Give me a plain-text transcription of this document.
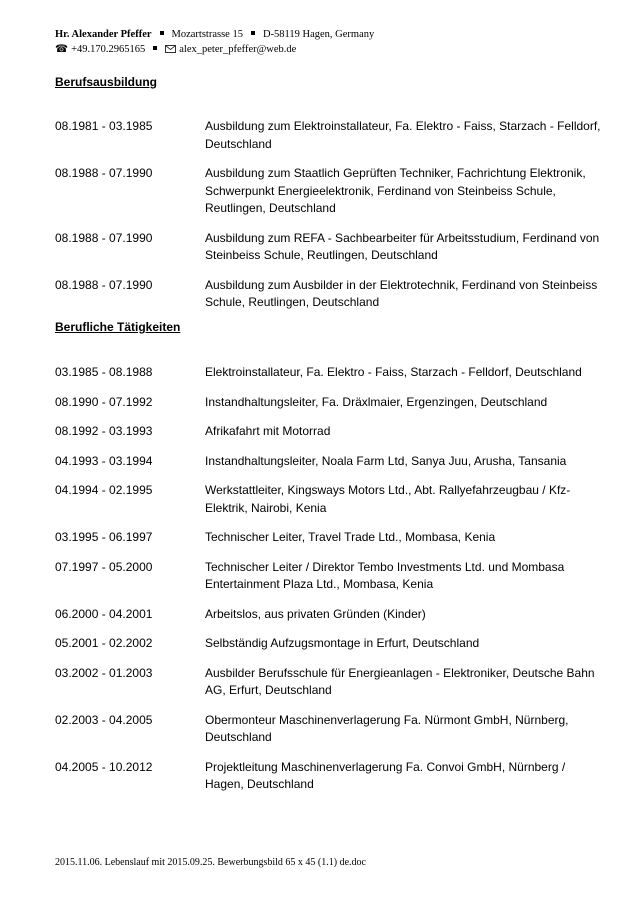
Hr. Alexander Pfeffer Mozartstrasse 15 D-58119 Hagen, Germany
☎ +49.170.2965165	alex_peter_pfeffer@web.de
Berufsausbildung
08.1981 - 03.1985	Ausbildung zum Elektroinstallateur, Fa. Elektro - Faiss, Starzach - Felldorf, Deutschland
08.1988 - 07.1990	Ausbildung zum Staatlich Geprüften Techniker, Fachrichtung Elektronik, Schwerpunkt Energieelektronik, Ferdinand von Steinbeiss Schule, Reutlingen, Deutschland
08.1988 - 07.1990	Ausbildung zum REFA - Sachbearbeiter für Arbeitsstudium, Ferdinand von Steinbeiss Schule, Reutlingen, Deutschland
08.1988 - 07.1990	Ausbildung zum Ausbilder in der Elektrotechnik, Ferdinand von Steinbeiss Schule, Reutlingen, Deutschland
Berufliche Tätigkeiten
03.1985 - 08.1988	Elektroinstallateur, Fa. Elektro - Faiss, Starzach - Felldorf, Deutschland
08.1990 - 07.1992	Instandhaltungsleiter, Fa. Dräxlmaier, Ergenzingen, Deutschland
08.1992 - 03.1993	Afrikafahrt mit Motorrad
04.1993 - 03.1994	Instandhaltungsleiter, Noala Farm Ltd, Sanya Juu, Arusha, Tansania
04.1994 - 02.1995	Werkstattleiter, Kingsways Motors Ltd., Abt. Rallyefahrzeugbau / Kfz-Elektrik, Nairobi, Kenia
03.1995 - 06.1997	Technischer Leiter, Travel Trade Ltd., Mombasa, Kenia
07.1997 - 05.2000	Technischer Leiter / Direktor Tembo Investments Ltd. und Mombasa Entertainment Plaza Ltd., Mombasa, Kenia
06.2000 - 04.2001	Arbeitslos, aus privaten Gründen (Kinder)
05.2001 - 02.2002	Selbständig Aufzugsmontage in Erfurt, Deutschland
03.2002 - 01.2003	Ausbilder Berufsschule für Energieanlagen - Elektroniker, Deutsche Bahn AG, Erfurt, Deutschland
02.2003 - 04.2005	Obermonteur Maschinenverlagerung Fa. Nürmont GmbH, Nürnberg, Deutschland
04.2005 - 10.2012	Projektleitung Maschinenverlagerung Fa. Convoi GmbH, Nürnberg / Hagen, Deutschland
2015.11.06. Lebenslauf mit 2015.09.25. Bewerbungsbild 65 x 45 (1.1) de.doc
